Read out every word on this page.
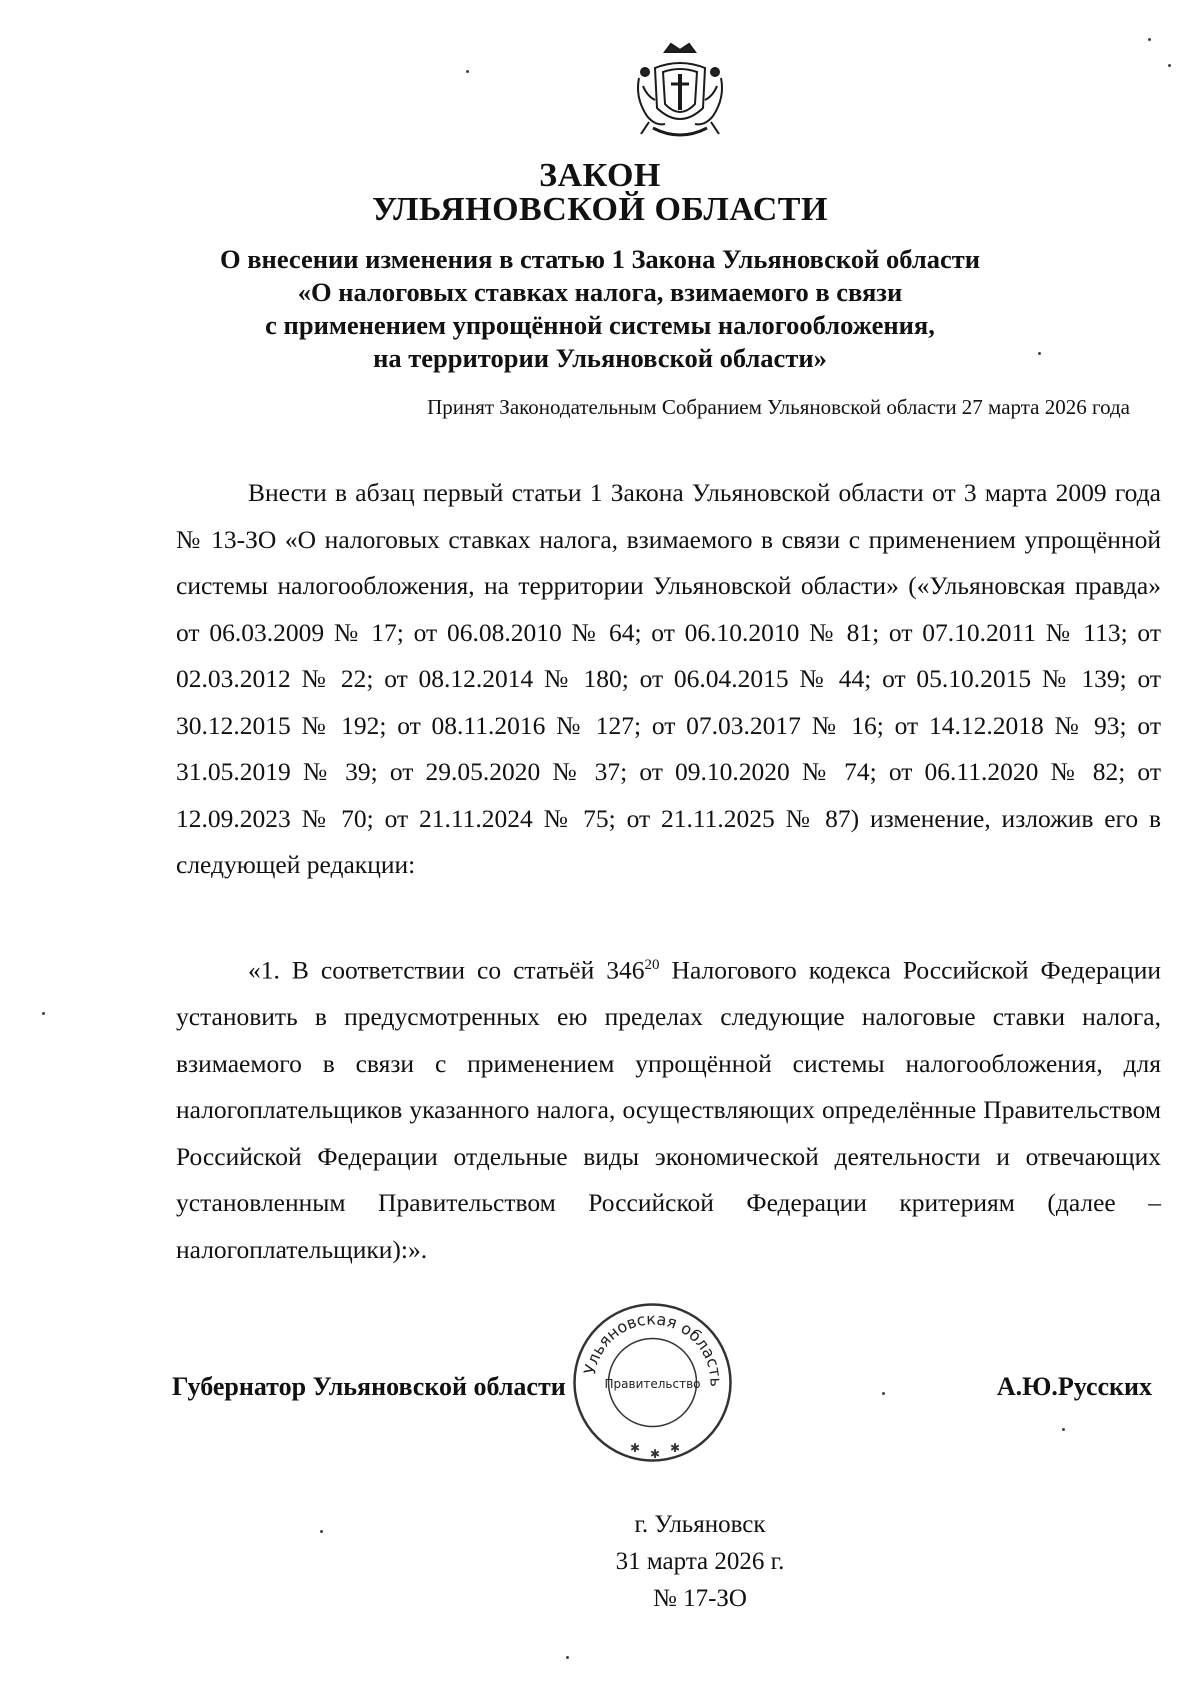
ЗАКОН
УЛЬЯНОВСКОЙ ОБЛАСТИ
О внесении изменения в статью 1 Закона Ульяновской области
«О налоговых ставках налога, взимаемого в связи
с применением упрощённой системы налогообложения,
на территории Ульяновской области»
Принят Законодательным Собранием Ульяновской области 27 марта 2026 года
Внести в абзац первый статьи 1 Закона Ульяновской области от 3 марта 2009 года № 13-ЗО «О налоговых ставках налога, взимаемого в связи с применением упрощённой системы налогообложения, на территории Ульяновской области» («Ульяновская правда» от 06.03.2009 № 17; от 06.08.2010 № 64; от 06.10.2010 № 81; от 07.10.2011 № 113; от 02.03.2012 № 22; от 08.12.2014 № 180; от 06.04.2015 № 44; от 05.10.2015 № 139; от 30.12.2015 № 192; от 08.11.2016 № 127; от 07.03.2017 № 16; от 14.12.2018 № 93; от 31.05.2019 № 39; от 29.05.2020 № 37; от 09.10.2020 № 74; от 06.11.2020 № 82; от 12.09.2023 № 70; от 21.11.2024 № 75; от 21.11.2025 № 87) изменение, изложив его в следующей редакции:
«1. В соответствии со статьёй $346^{20}$ Налогового кодекса Российской Федерации установить в предусмотренных ею пределах следующие налоговые ставки налога, взимаемого в связи с применением упрощённой системы налогообложения, для налогоплательщиков указанного налога, осуществляющих определённые Правительством Российской Федерации отдельные виды экономической деятельности и отвечающих установленным Правительством Российской Федерации критериям (далее – налогоплательщики):».
Ульяновская область
Правительство
✱ ✱ ✱
Губернатор Ульяновской области	А.Ю.Русских
г. Ульяновск
31 марта 2026 г.
№ 17-ЗО
